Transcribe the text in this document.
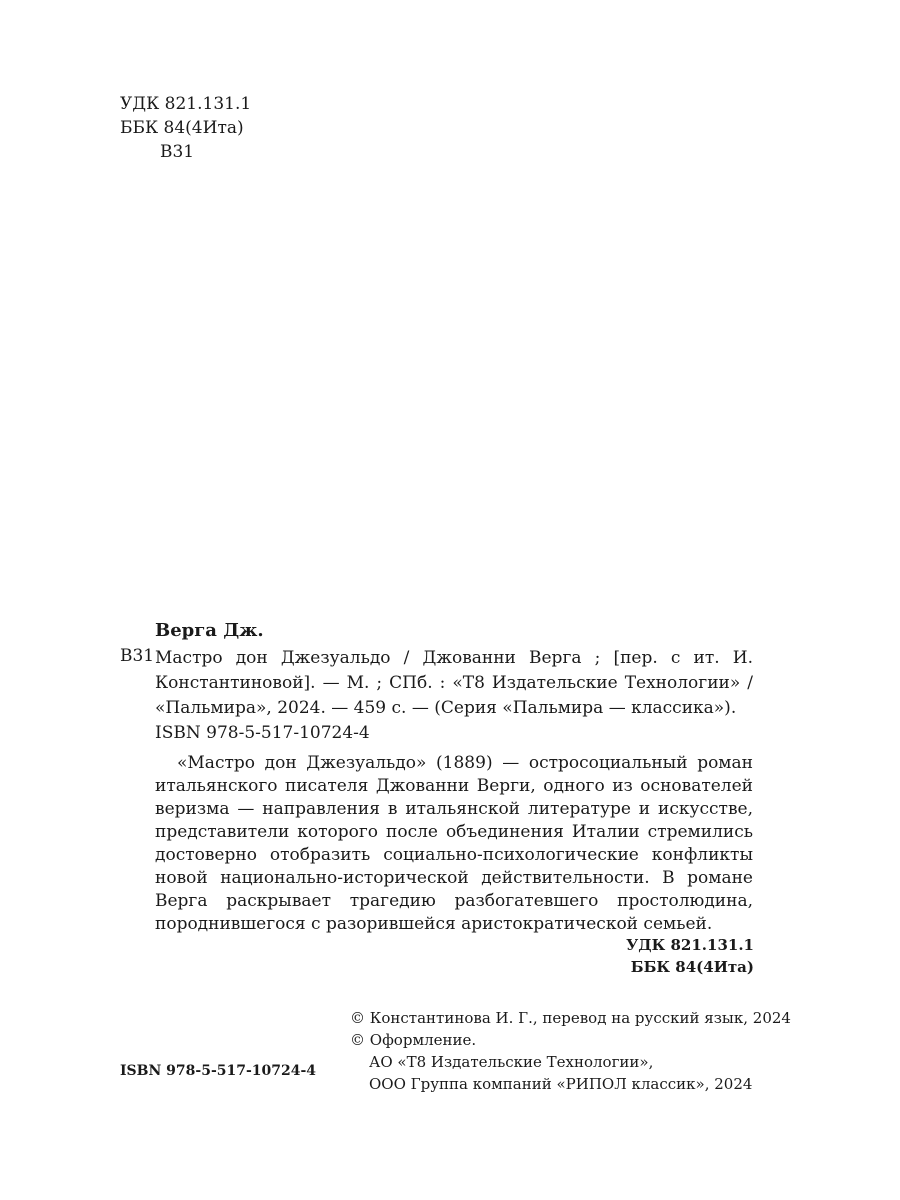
УДК 821.131.1
ББК 84(4Ита)
В31
Верга Дж.
В31 Мастро дон Джезуальдо / Джованни Верга ; [пер. с ит. И. Константиновой]. — М. ; СПб. : «Т8 Издательские Технологии» / «Пальмира», 2024. — 459 с. — (Серия «Пальмира — классика»).

ISBN 978-5-517-10724-4

«Мастро дон Джезуальдо» (1889) — остросоциальный роман итальянского писателя Джованни Верги, одного из основателей веризма — направления в итальянской литературе и искусстве, представители которого после объединения Италии стремились достоверно отобразить социально-психологические конфликты новой национально-исторической действительности. В романе Верга раскрывает трагедию разбогатевшего простолюдина, породнившегося с разорившейся аристократической семьей.
УДК 821.131.1
ББК 84(4Ита)
© Константинова И. Г., перевод на русский язык, 2024
© Оформление.
АО «Т8 Издательские Технологии»,
ООО Группа компаний «РИПОЛ классик», 2024
ISBN 978-5-517-10724-4
